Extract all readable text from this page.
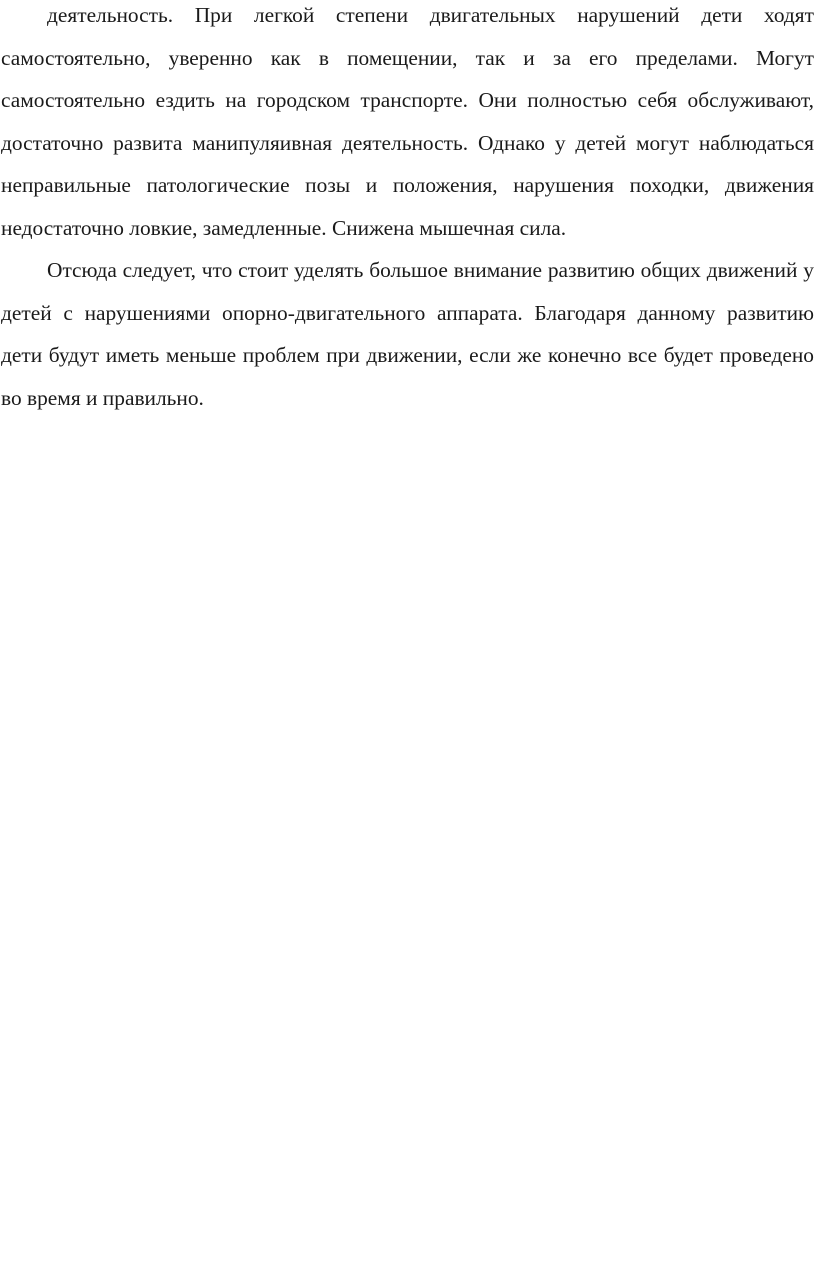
деятельность. При легкой степени двигательных нарушений дети ходят самостоятельно, уверенно как в помещении, так и за его пределами. Могут самостоятельно ездить на городском транспорте. Они полностью себя обслуживают, достаточно развита манипуляивная деятельность. Однако у детей могут наблюдаться неправильные патологические позы и положения, нарушения походки, движения недостаточно ловкие, замедленные. Снижена мышечная сила.

Отсюда следует, что стоит уделять большое внимание развитию общих движений у детей с нарушениями опорно-двигательного аппарата. Благодаря данному развитию дети будут иметь меньше проблем при движении, если же конечно все будет проведено во время и правильно.
